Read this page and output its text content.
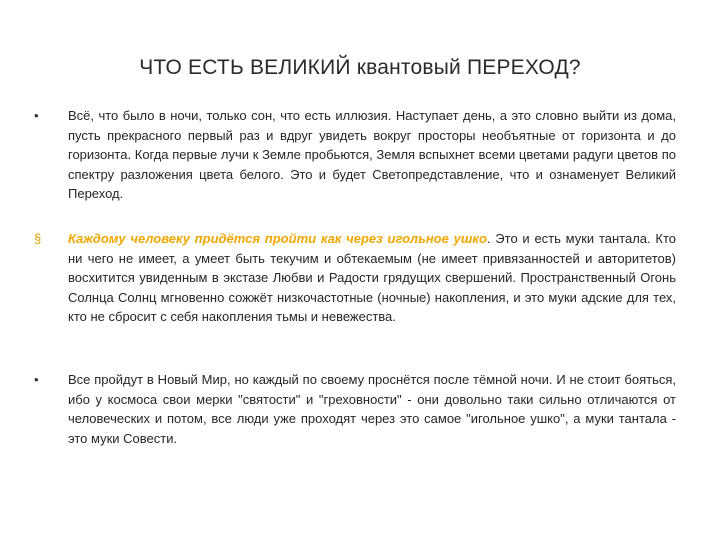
ЧТО ЕСТЬ ВЕЛИКИЙ квантовый ПЕРЕХОД?
•	Всё, что было в ночи, только сон, что есть иллюзия. Наступает день, а это словно выйти из дома, пусть прекрасного первый раз и вдруг увидеть вокруг просторы необъятные от горизонта и до горизонта. Когда первые лучи к Земле пробьются, Земля вспыхнет всеми цветами радуги цветов по спектру разложения цвета белого. Это и будет Светопредставление, что и ознаменует Великий Переход.
§	Каждому человеку придётся пройти как через игольное ушко. Это и есть муки тантала. Кто ни чего не имеет, а умеет быть текучим и обтекаемым (не имеет привязанностей и авторитетов) восхитится увиденным в экстазе Любви и Радости грядущих свершений. Пространственный Огонь Солнца Солнц мгновенно сожжёт низкочастотные (ночные) накопления, и это муки адские для тех, кто не сбросит с себя накопления тьмы и невежества.
•	Все пройдут в Новый Мир, но каждый по своему проснётся после тёмной ночи. И не стоит бояться, ибо у космоса свои мерки "святости" и "греховности" - они довольно таки сильно отличаются от человеческих и потом, все люди уже проходят через это самое "игольное ушко", а муки тантала - это муки Совести.
